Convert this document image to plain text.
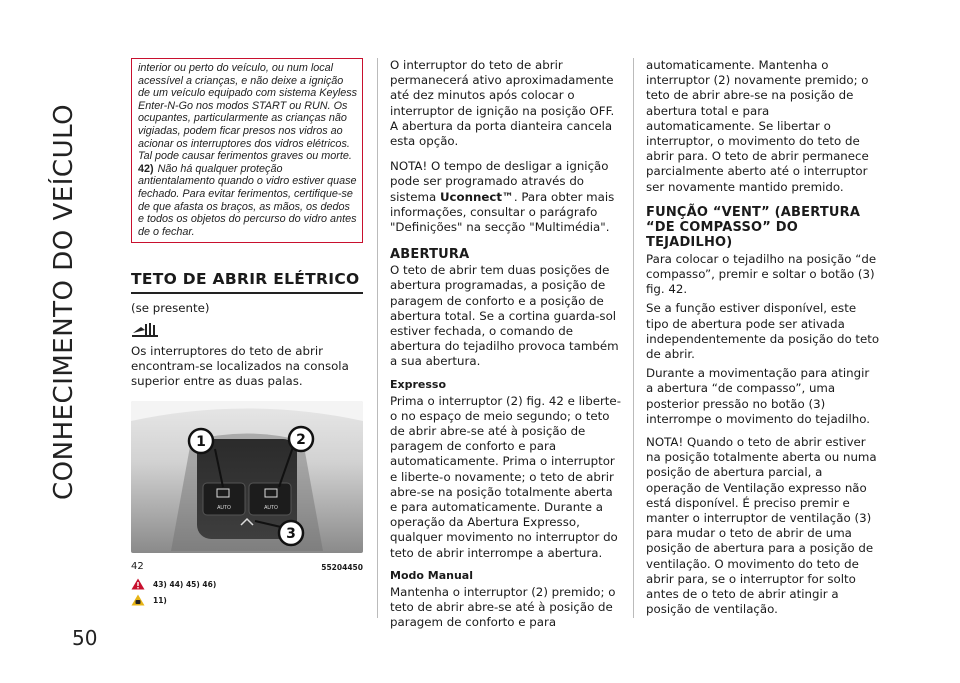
CONHECIMENTO DO VEÍCULO
50

interior ou perto do veículo, ou num local acessível a crianças, e não deixe a ignição de um veículo equipado com sistema Keyless Enter-N-Go nos modos START ou RUN. Os ocupantes, particularmente as crianças não vigiadas, podem ficar presos nos vidros ao acionar os interruptores dos vidros elétricos. Tal pode causar ferimentos graves ou morte.

42) Não há qualquer proteção antientalamento quando o vidro estiver quase fechado. Para evitar ferimentos, certifique-se de que afasta os braços, as mãos, os dedos e todos os objetos do percurso do vidro antes de o fechar.

TETO DE ABRIR ELÉTRICO

(se presente)

Os interruptores do teto de abrir encontram-se localizados na consola superior entre as duas palas.

AUTO	AUTO
1	2
3
42	55204450
43) 44) 45) 46)
11)

O interruptor do teto de abrir permanecerá ativo aproximadamente até dez minutos após colocar o interruptor de ignição na posição OFF. A abertura da porta dianteira cancela esta opção.

NOTA! O tempo de desligar a ignição pode ser programado através do sistema Uconnect™. Para obter mais informações, consultar o parágrafo "Definições" na secção "Multimédia".

ABERTURA

O teto de abrir tem duas posições de abertura programadas, a posição de paragem de conforto e a posição de abertura total. Se a cortina guarda-sol estiver fechada, o comando de abertura do tejadilho provoca também a sua abertura.

Expresso

Prima o interruptor (2) fig. 42 e liberte-o no espaço de meio segundo; o teto de abrir abre-se até à posição de paragem de conforto e para automaticamente. Prima o interruptor e liberte-o novamente; o teto de abrir abre-se na posição totalmente aberta e para automaticamente. Durante a operação da Abertura Expresso, qualquer movimento no interruptor do teto de abrir interrompe a abertura.

Modo Manual

Mantenha o interruptor (2) premido; o teto de abrir abre-se até à posição de paragem de conforto e para

automaticamente. Mantenha o interruptor (2) novamente premido; o teto de abrir abre-se na posição de abertura total e para automaticamente. Se libertar o interruptor, o movimento do teto de abrir para. O teto de abrir permanece parcialmente aberto até o interruptor ser novamente mantido premido.

FUNÇÃO “VENT” (ABERTURA “DE COMPASSO” DO TEJADILHO)

Para colocar o tejadilho na posição “de compasso”, premir e soltar o botão (3) fig. 42.

Se a função estiver disponível, este tipo de abertura pode ser ativada independentemente da posição do teto de abrir.

Durante a movimentação para atingir a abertura “de compasso”, uma posterior pressão no botão (3) interrompe o movimento do tejadilho.

NOTA! Quando o teto de abrir estiver na posição totalmente aberta ou numa posição de abertura parcial, a operação de Ventilação expresso não está disponível. É preciso premir e manter o interruptor de ventilação (3) para mudar o teto de abrir de uma posição de abertura para a posição de ventilação. O movimento do teto de abrir para, se o interruptor for solto antes de o teto de abrir atingir a posição de ventilação.
